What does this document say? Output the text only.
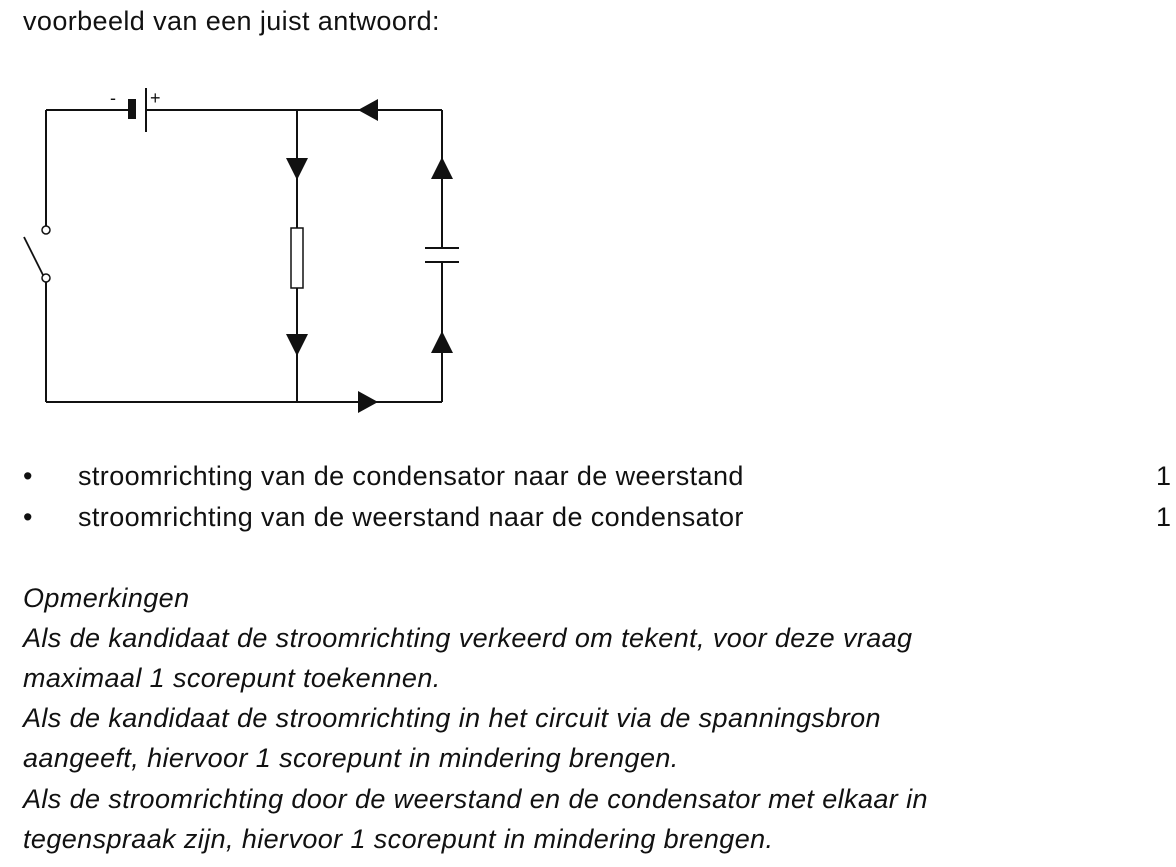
voorbeeld van een juist antwoord:
- +
• stroomrichting van de condensator naar de weerstand	1
• stroomrichting van de weerstand naar de condensator	1
Opmerkingen
Als de kandidaat de stroomrichting verkeerd om tekent, voor deze vraag
maximaal 1 scorepunt toekennen.
Als de kandidaat de stroomrichting in het circuit via de spanningsbron
aangeeft, hiervoor 1 scorepunt in mindering brengen.
Als de stroomrichting door de weerstand en de condensator met elkaar in
tegenspraak zijn, hiervoor 1 scorepunt in mindering brengen.
